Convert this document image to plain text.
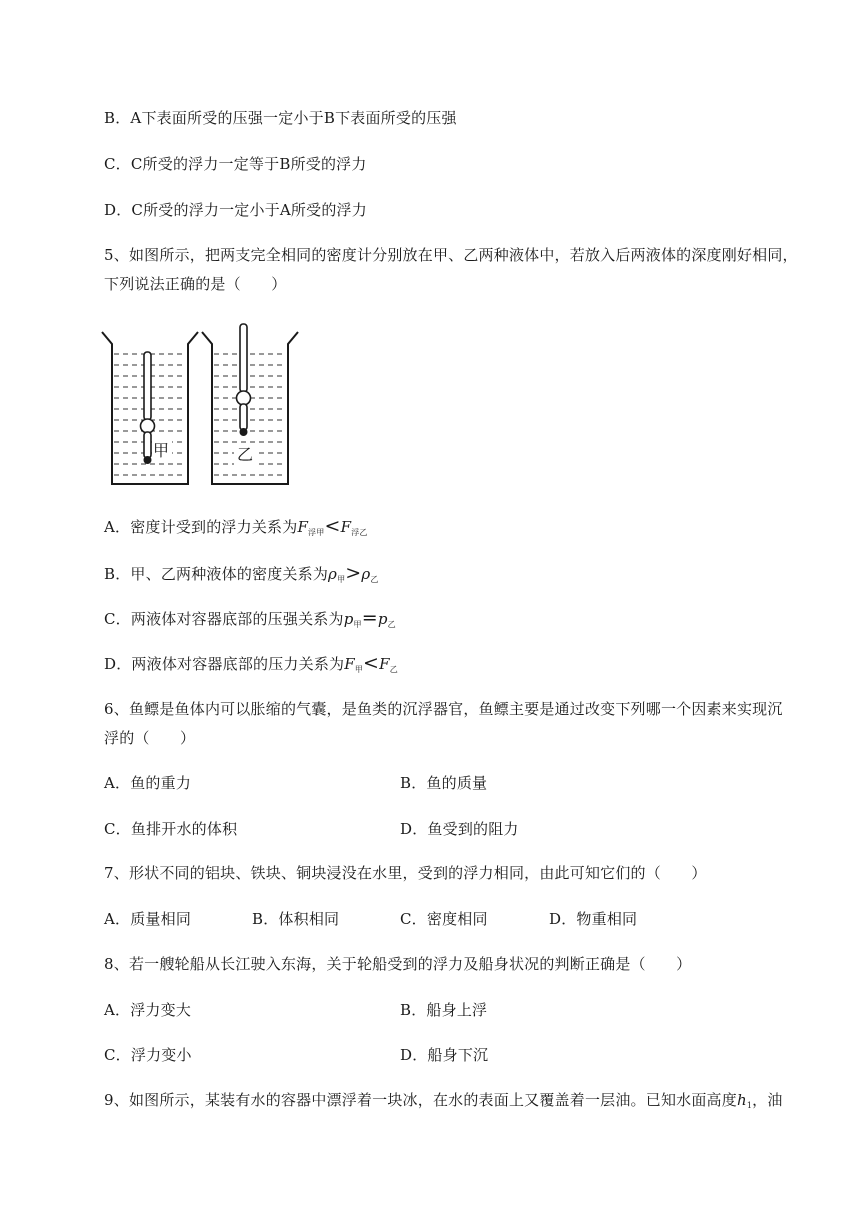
B．A下表面所受的压强一定小于B下表面所受的压强
C．C所受的浮力一定等于B所受的浮力
D．C所受的浮力一定小于A所受的浮力
5、如图所示，把两支完全相同的密度计分别放在甲、乙两种液体中，若放入后两液体的深度刚好相同，
下列说法正确的是（　　）
甲	乙
A．密度计受到的浮力关系为$F_{浮甲}<F_{浮乙}$
B．甲、乙两种液体的密度关系为$\rho_甲>\rho_乙$
C．两液体对容器底部的压强关系为$p_甲=p_乙$
D．两液体对容器底部的压力关系为$F_甲<F_乙$
6、鱼鳔是鱼体内可以胀缩的气囊，是鱼类的沉浮器官，鱼鳔主要是通过改变下列哪一个因素来实现沉
浮的（　　）
A．鱼的重力	B．鱼的质量
C．鱼排开水的体积	D．鱼受到的阻力
7、形状不同的铝块、铁块、铜块浸没在水里，受到的浮力相同，由此可知它们的（　　）
A．质量相同	B．体积相同	C．密度相同	D．物重相同
8、若一艘轮船从长江驶入东海，关于轮船受到的浮力及船身状况的判断正确是（　　）
A．浮力变大	B．船身上浮
C．浮力变小	D．船身下沉
9、如图所示，某装有水的容器中漂浮着一块冰，在水的表面上又覆盖着一层油。已知水面高度$h_1$，油
